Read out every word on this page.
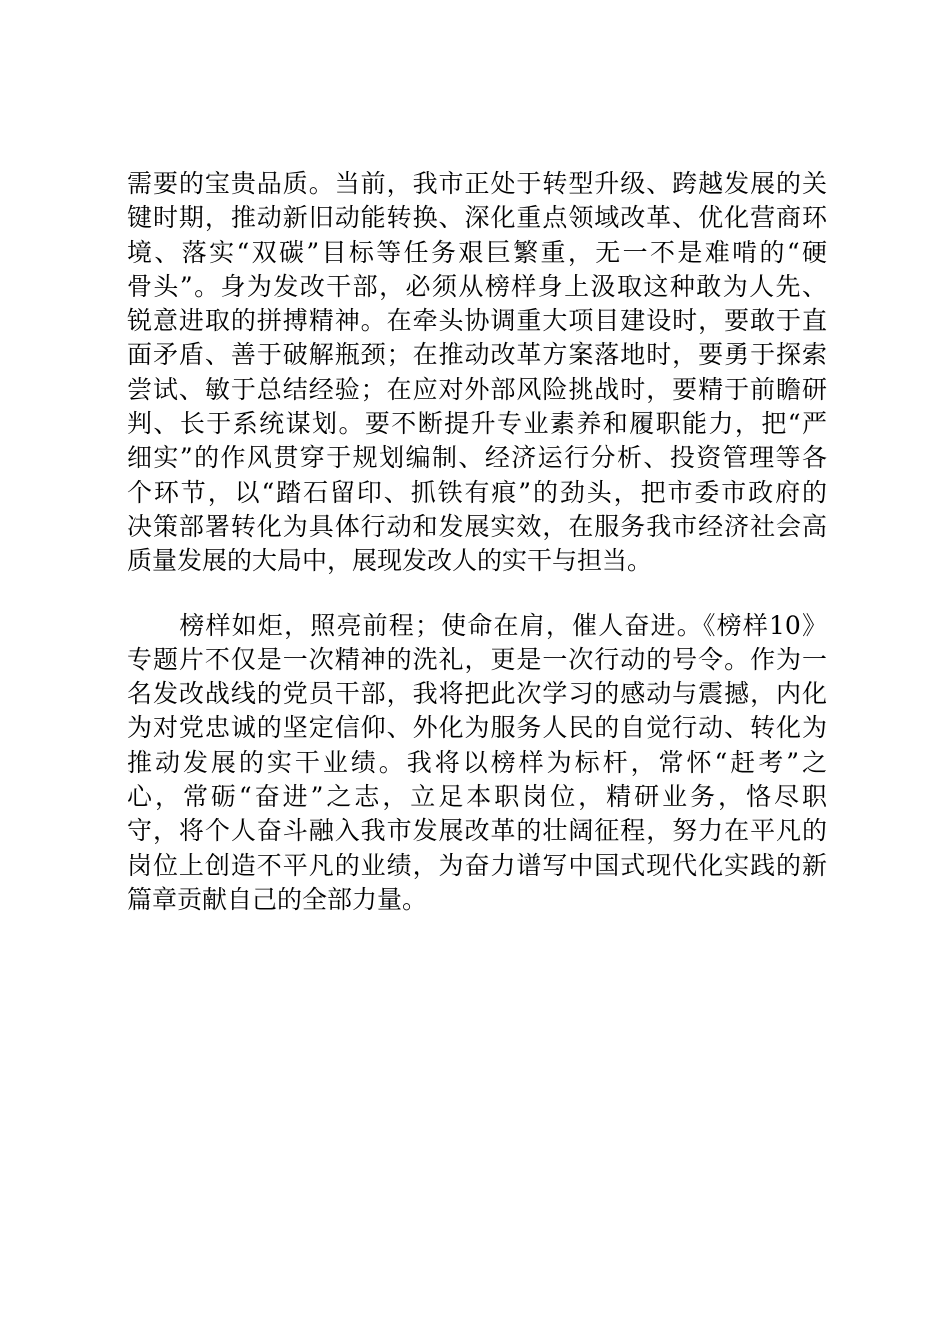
需要的宝贵品质。当前，我市正处于转型升级、跨越发展的关
键时期，推动新旧动能转换、深化重点领域改革、优化营商环
境、落实“双碳”目标等任务艰巨繁重，无一不是难啃的“硬
骨头”。身为发改干部，必须从榜样身上汲取这种敢为人先、
锐意进取的拼搏精神。在牵头协调重大项目建设时，要敢于直
面矛盾、善于破解瓶颈；在推动改革方案落地时，要勇于探索
尝试、敏于总结经验；在应对外部风险挑战时，要精于前瞻研
判、长于系统谋划。要不断提升专业素养和履职能力，把“严
细实”的作风贯穿于规划编制、经济运行分析、投资管理等各
个环节，以“踏石留印、抓铁有痕”的劲头，把市委市政府的
决策部署转化为具体行动和发展实效，在服务我市经济社会高
质量发展的大局中，展现发改人的实干与担当。
　　榜样如炬，照亮前程；使命在肩，催人奋进。《榜样10》
专题片不仅是一次精神的洗礼，更是一次行动的号令。作为一
名发改战线的党员干部，我将把此次学习的感动与震撼，内化
为对党忠诚的坚定信仰、外化为服务人民的自觉行动、转化为
推动发展的实干业绩。我将以榜样为标杆，常怀“赶考”之
心，常砺“奋进”之志，立足本职岗位，精研业务，恪尽职
守，将个人奋斗融入我市发展改革的壮阔征程，努力在平凡的
岗位上创造不平凡的业绩，为奋力谱写中国式现代化实践的新
篇章贡献自己的全部力量。
